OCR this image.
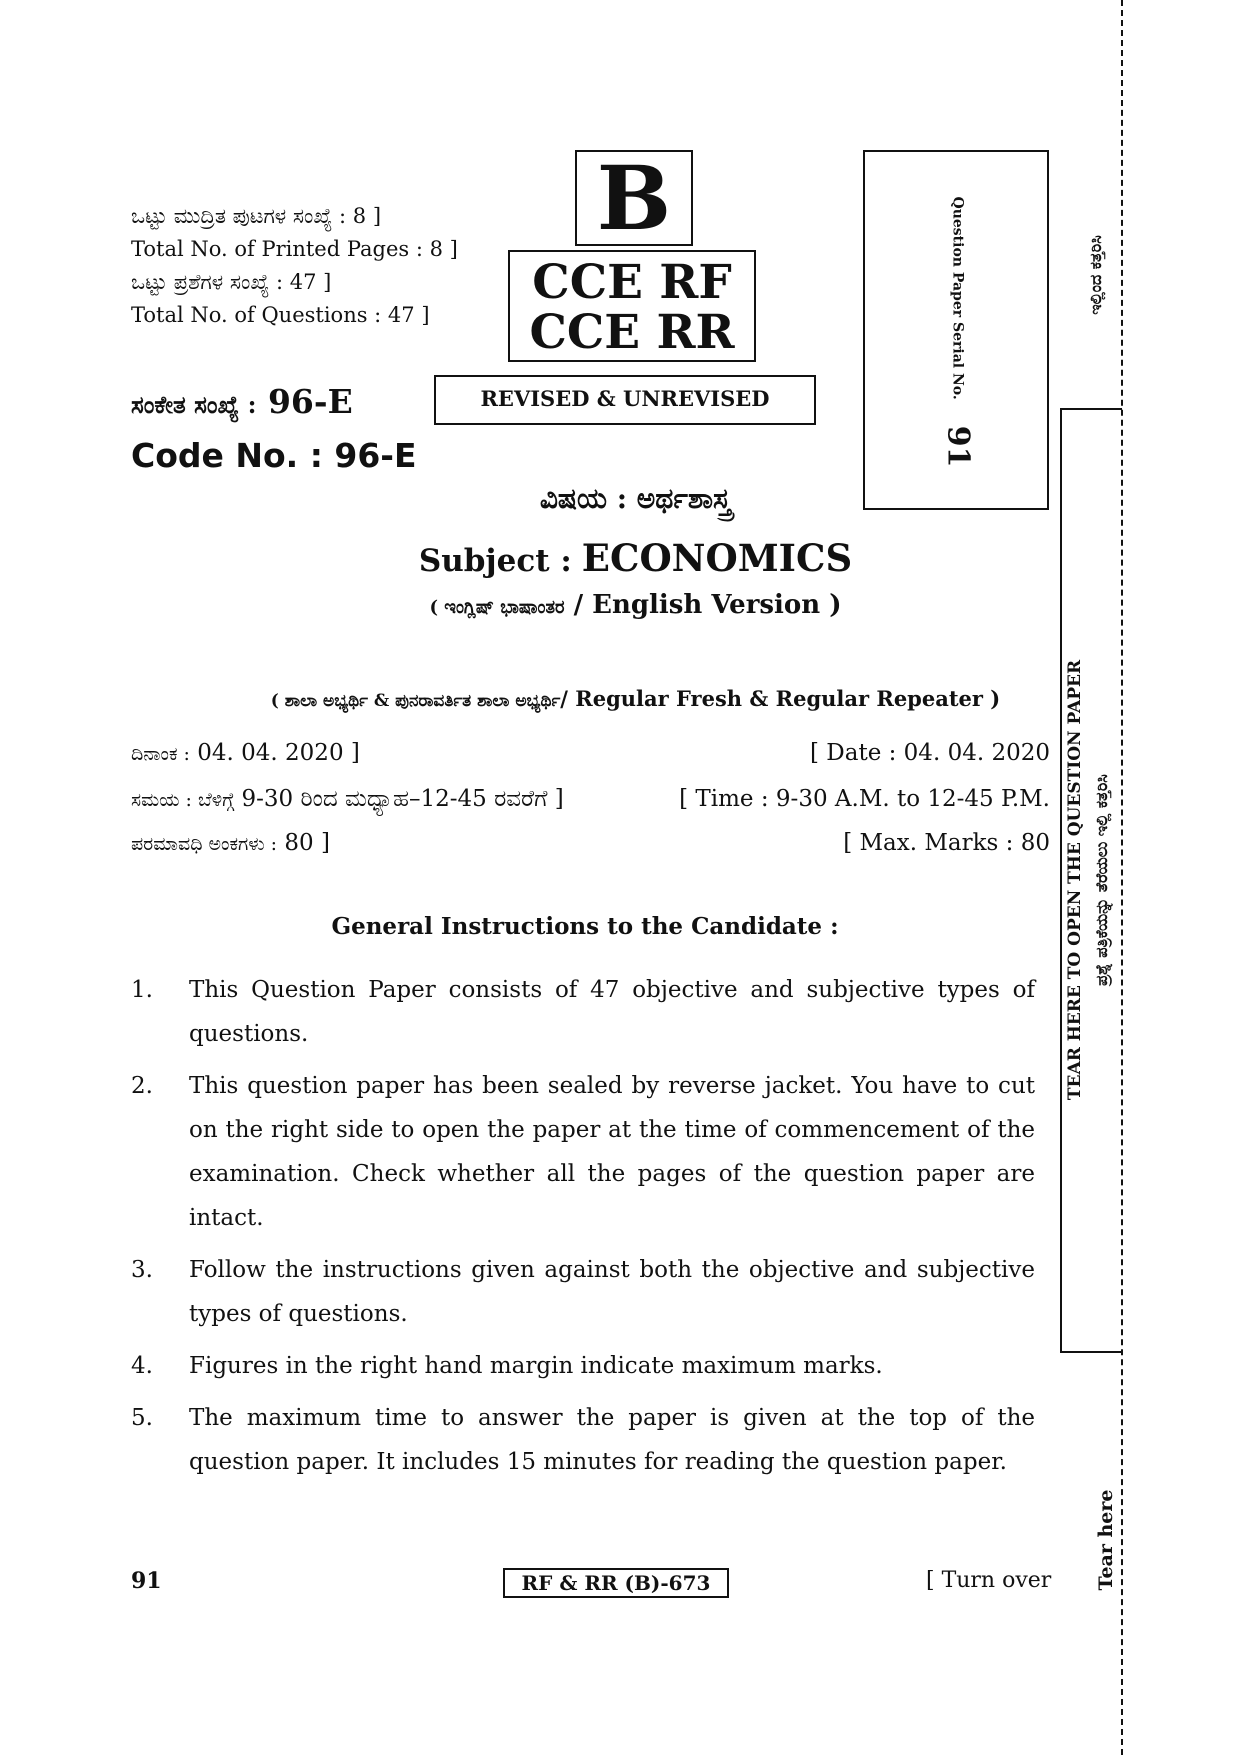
ಒಟ್ಟು ಮುದ್ರಿತ ಪುಟಗಳ ಸಂಖ್ಯೆ : 8 ]
Total No. of Printed Pages : 8 ]
ಒಟ್ಟು ಪ್ರಶೆಗಳ ಸಂಖ್ಯೆ : 47 ]
Total No. of Questions : 47 ]
B
CCE RF
CCE RR
REVISED & UNREVISED
ಸಂಕೇತ ಸಂಖ್ಯೆ : 96-E
Code No. : 96-E
Question Paper Serial No.91
ಇಲ್ಲಿಂದ ಕತ್ತರಿಸಿ
TEAR HERE TO OPEN THE QUESTION PAPER ಪ್ರಶ್ನೆ ಪತ್ರಿಕೆಯನ್ನು ತೆರೆಯಲು ಇಲ್ಲಿ ಕತ್ತರಿಸಿ
Tear here
ವಿಷಯ : ಅರ್ಥಶಾಸ್ತ್ರ
Subject : ECONOMICS
( ಇಂಗ್ಲಿಷ್ ಭಾಷಾಂತರ / English Version )
( ಶಾಲಾ ಅಭ್ಯರ್ಥಿ & ಪುನರಾವರ್ತಿತ ಶಾಲಾ ಅಭ್ಯರ್ಥಿ/ Regular Fresh & Regular Repeater )
ದಿನಾಂಕ : 04. 04. 2020 ]	[ Date : 04. 04. 2020
ಸಮಯ : ಬೆಳಿಗ್ಗೆ 9-30 ರಿಂದ ಮಧ್ಯಾಹ–12-45 ರವರೆಗೆ ]	[ Time : 9-30 A.M. to 12-45 P.M.
ಪರಮಾವಧಿ ಅಂಕಗಳು : 80 ]	[ Max. Marks : 80
General Instructions to the Candidate :
1.	This Question Paper consists of 47 objective and subjective types of questions.
2.	This question paper has been sealed by reverse jacket. You have to cut on the right side to open the paper at the time of commencement of the examination. Check whether all the pages of the question paper are intact.
3.	Follow the instructions given against both the objective and subjective types of questions.
4.	Figures in the right hand margin indicate maximum marks.
5.	The maximum time to answer the paper is given at the top of the question paper. It includes 15 minutes for reading the question paper.
91	RF & RR (B)-673	[ Turn over
